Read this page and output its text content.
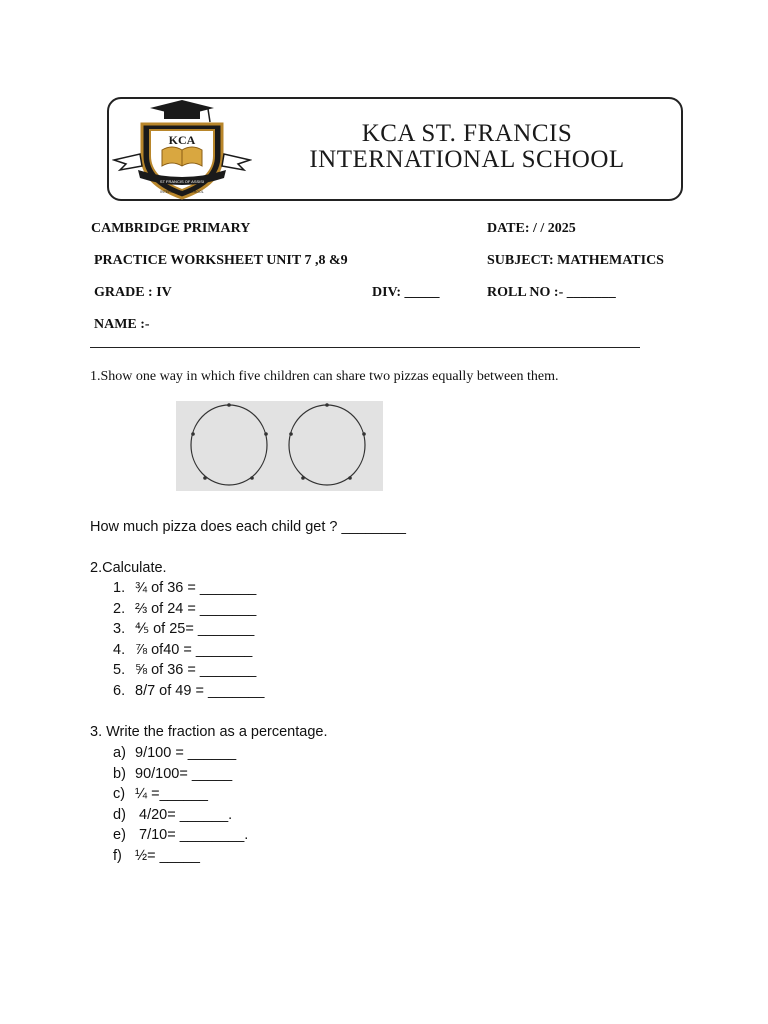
KCA
ST FRANCIS OF ASSISI
INTERNATIONAL SCHOOL
KCA ST. FRANCIS
INTERNATIONAL SCHOOL
CAMBRIDGE PRIMARY	DATE: / / 2025
PRACTICE WORKSHEET UNIT 7 ,8 &9	SUBJECT: MATHEMATICS
GRADE : IV	DIV: _____	ROLL NO :- _______
NAME :-
1.Show one way in which five children can share two pizzas equally between them.
How much pizza does each child get ? ________
2.Calculate.
1. ¾ of 36 = _______
2. ⅔ of 24 = _______
3. ⅘ of 25= _______
4. ⅞ of40 = _______
5. ⅝ of 36 = _______
6. 8/7 of 49 = _______
3. Write the fraction as a percentage.
a) 9/100 = ______
b) 90/100= _____
c) ¼ =______
d) 4/20= ______.
e) 7/10= ________.
f) ½= _____
